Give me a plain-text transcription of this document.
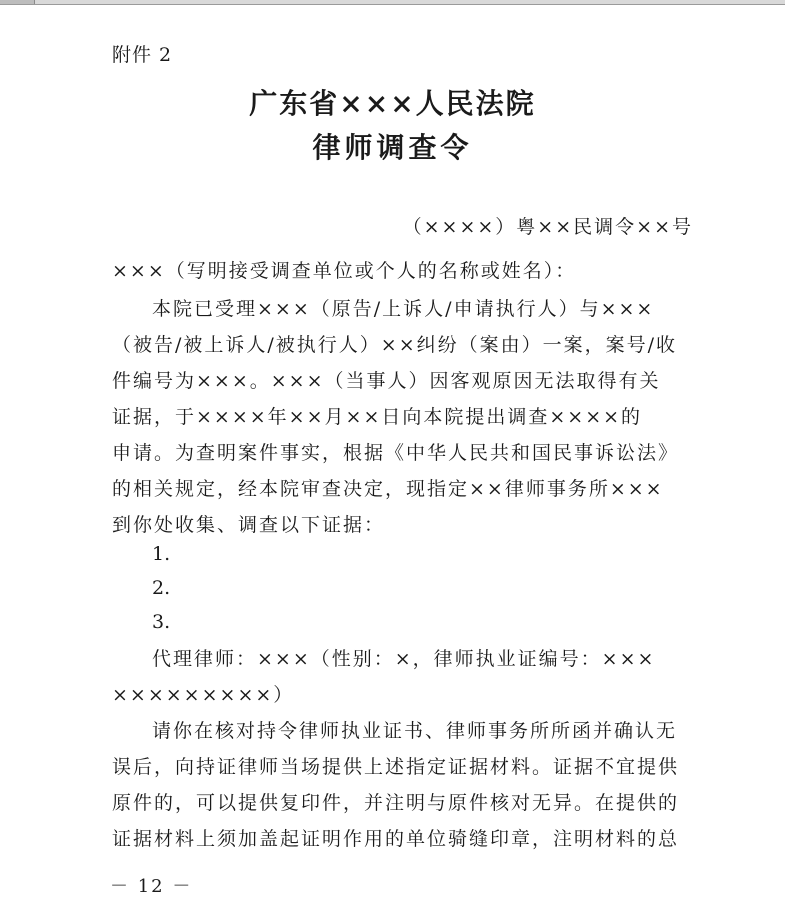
附件 2
广东省×××人民法院
律师调查令
（××××）粤××民调令××号
×××（写明接受调查单位或个人的名称或姓名）：
本院已受理×××（原告/上诉人/申请执行人）与×××
（被告/被上诉人/被执行人）××纠纷（案由）一案，案号/收
件编号为×××。×××（当事人）因客观原因无法取得有关
证据，于××××年××月××日向本院提出调查××××的
申请。为查明案件事实，根据《中华人民共和国民事诉讼法》
的相关规定，经本院审查决定，现指定××律师事务所×××
到你处收集、调查以下证据：
1.
2.
3.
代理律师：×××（性别：×，律师执业证编号：×××
×××××××××）
请你在核对持令律师执业证书、律师事务所所函并确认无
误后，向持证律师当场提供上述指定证据材料。证据不宜提供
原件的，可以提供复印件，并注明与原件核对无异。在提供的
证据材料上须加盖起证明作用的单位骑缝印章，注明材料的总
－ 12 －
